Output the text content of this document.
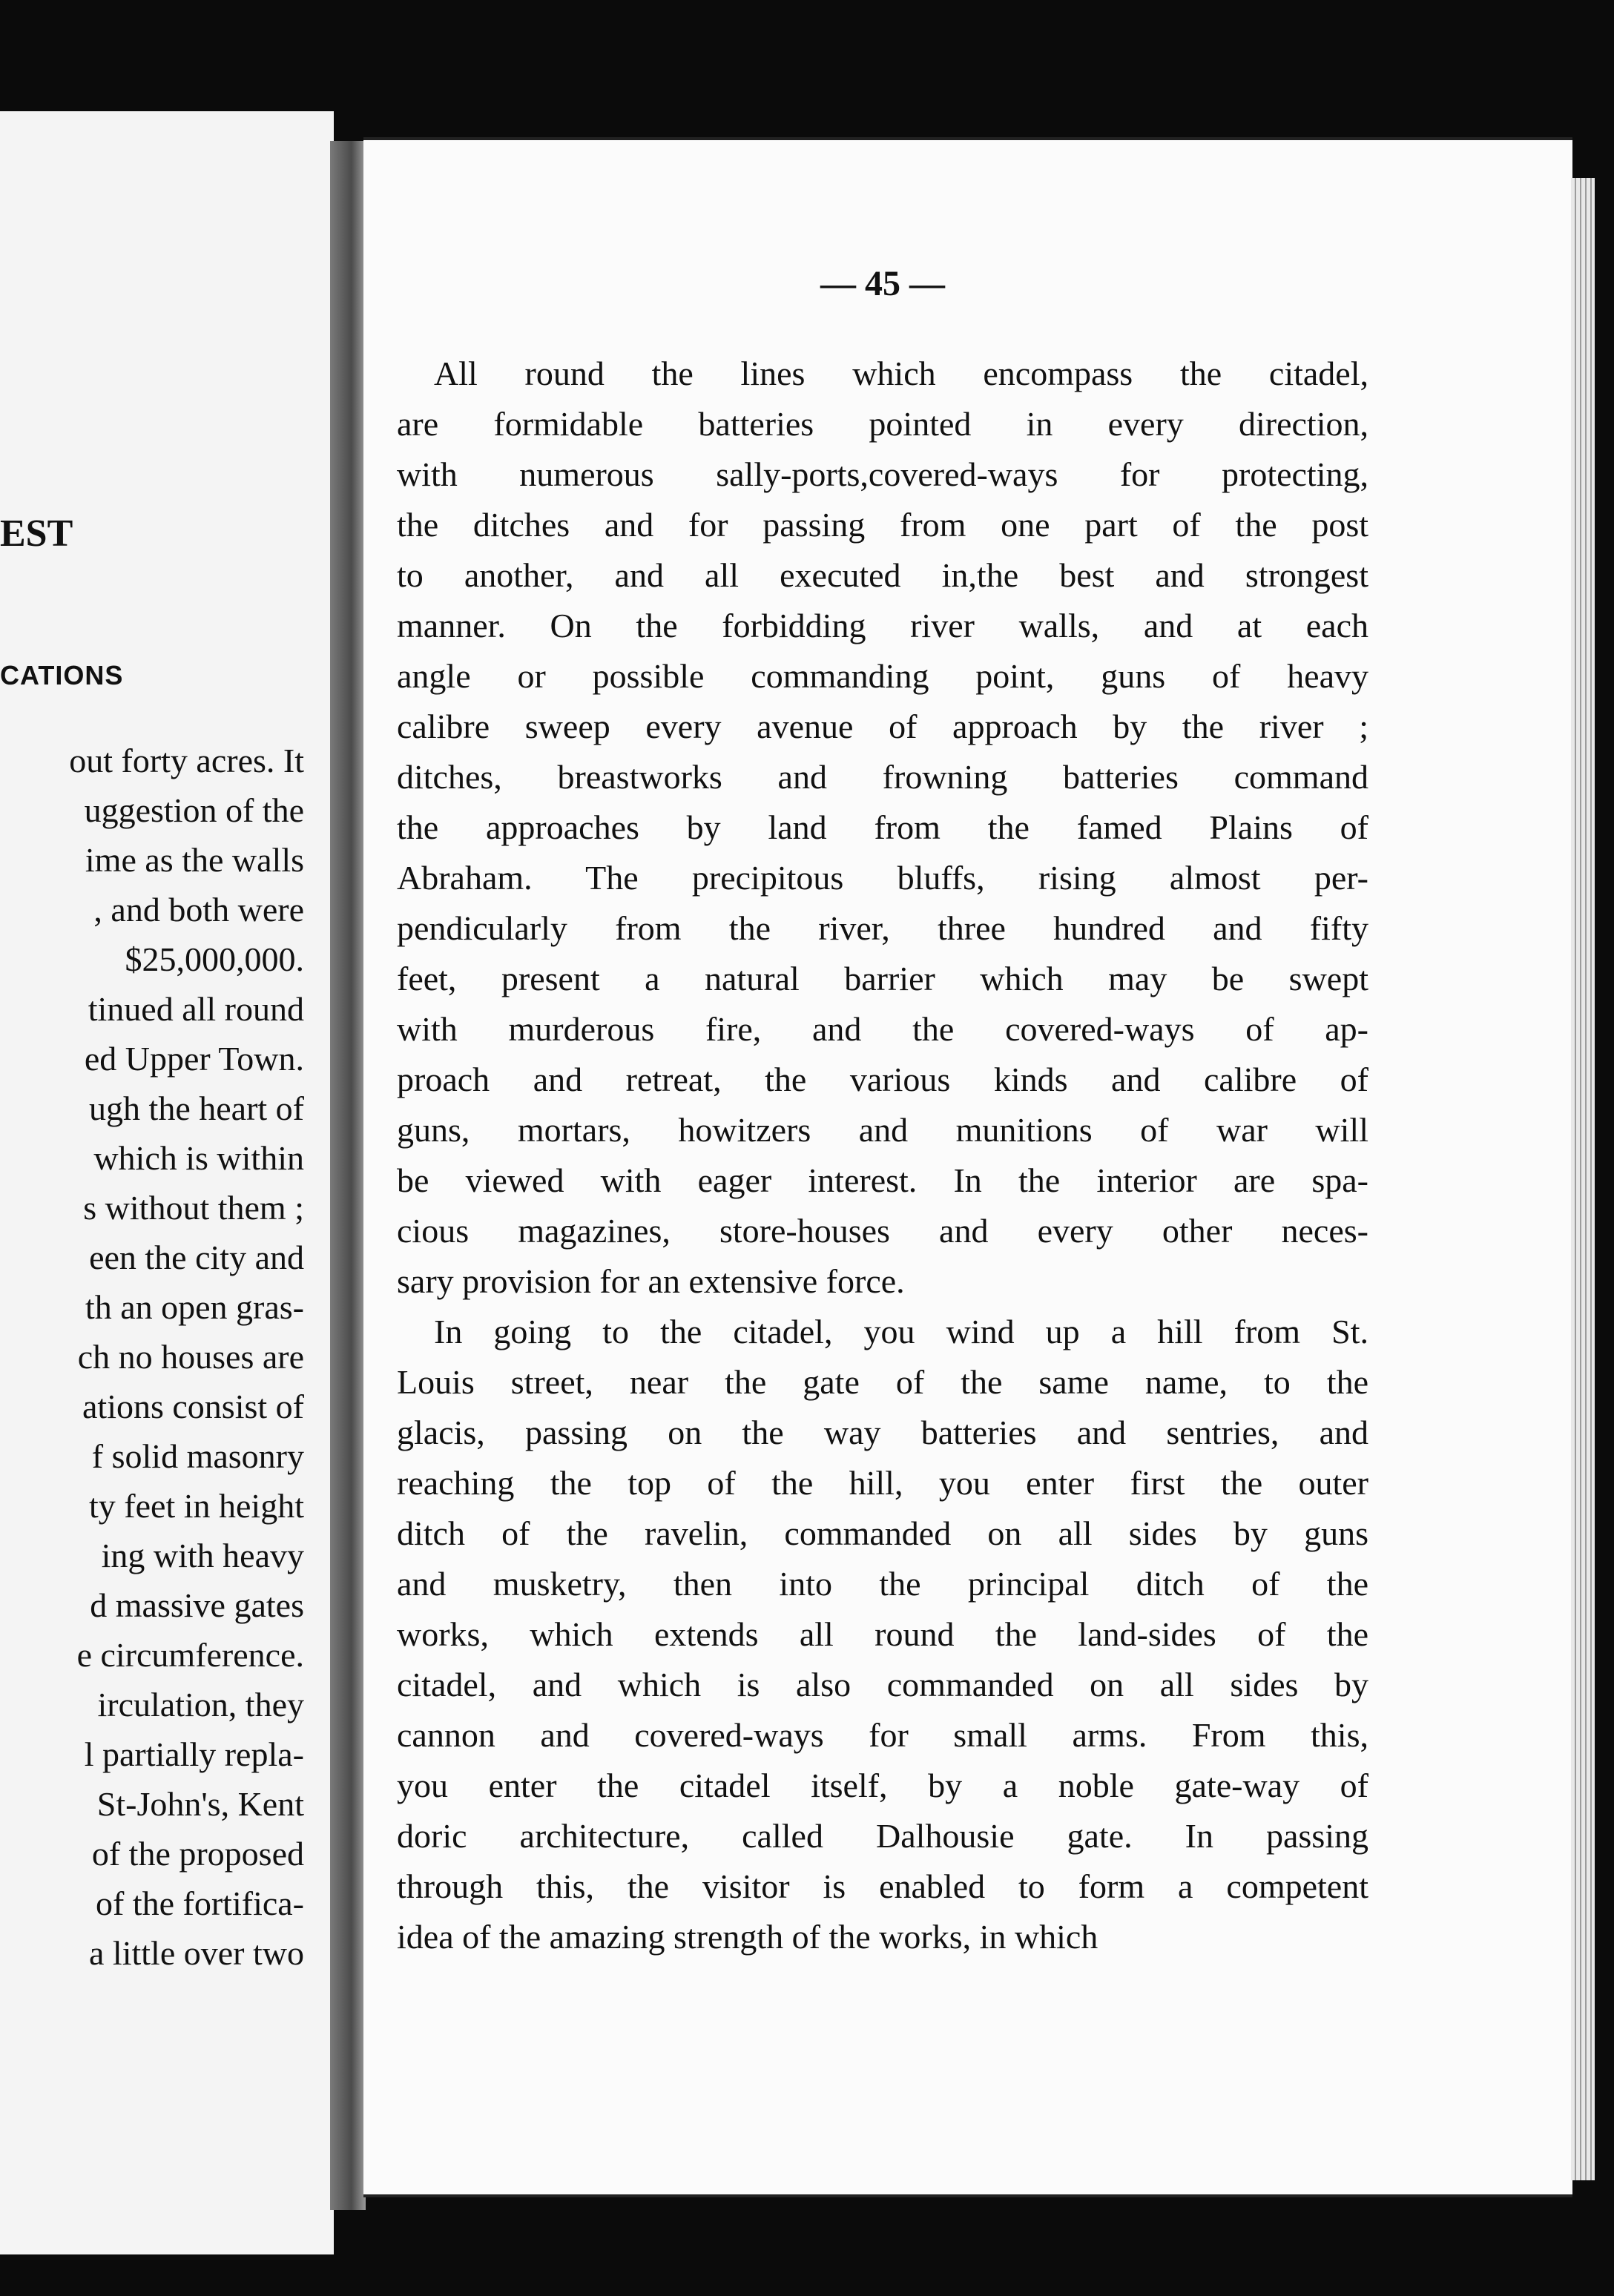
EST
CATIONS
out forty acres. It
uggestion of the
ime as the walls
, and both were
$25,000,000.
tinued all round
ed Upper Town.
ugh the heart of
which is within
s without them ;
een the city and
th an open gras-
ch no houses are
ations consist of
f solid masonry
ty feet in height
ing with heavy
d massive gates
e circumference.
irculation, they
l partially repla-
St-John's, Kent
of the proposed
of the fortifica-
a little over two
— 45 —
All round the lines which encompass the citadel,
are formidable batteries pointed in every direction,
with numerous sally-ports,covered-ways for protecting,
the ditches and for passing from one part of the post
to another, and all executed in,the best and strongest
manner. On the forbidding river walls, and at each
angle or possible commanding point, guns of heavy
calibre sweep every avenue of approach by the river ;
ditches, breastworks and frowning batteries command
the approaches by land from the famed Plains of
Abraham. The precipitous bluffs, rising almost per-
pendicularly from the river, three hundred and fifty
feet, present a natural barrier which may be swept
with murderous fire, and the covered-ways of ap-
proach and retreat, the various kinds and calibre of
guns, mortars, howitzers and munitions of war will
be viewed with eager interest. In the interior are spa-
cious magazines, store-houses and every other neces-
sary provision for an extensive force.
In going to the citadel, you wind up a hill from St.
Louis street, near the gate of the same name, to the
glacis, passing on the way batteries and sentries, and
reaching the top of the hill, you enter first the outer
ditch of the ravelin, commanded on all sides by guns
and musketry, then into the principal ditch of the
works, which extends all round the land-sides of the
citadel, and which is also commanded on all sides by
cannon and covered-ways for small arms. From this,
you enter the citadel itself, by a noble gate-way of
doric architecture, called Dalhousie gate. In passing
through this, the visitor is enabled to form a competent
idea of the amazing strength of the works, in which
